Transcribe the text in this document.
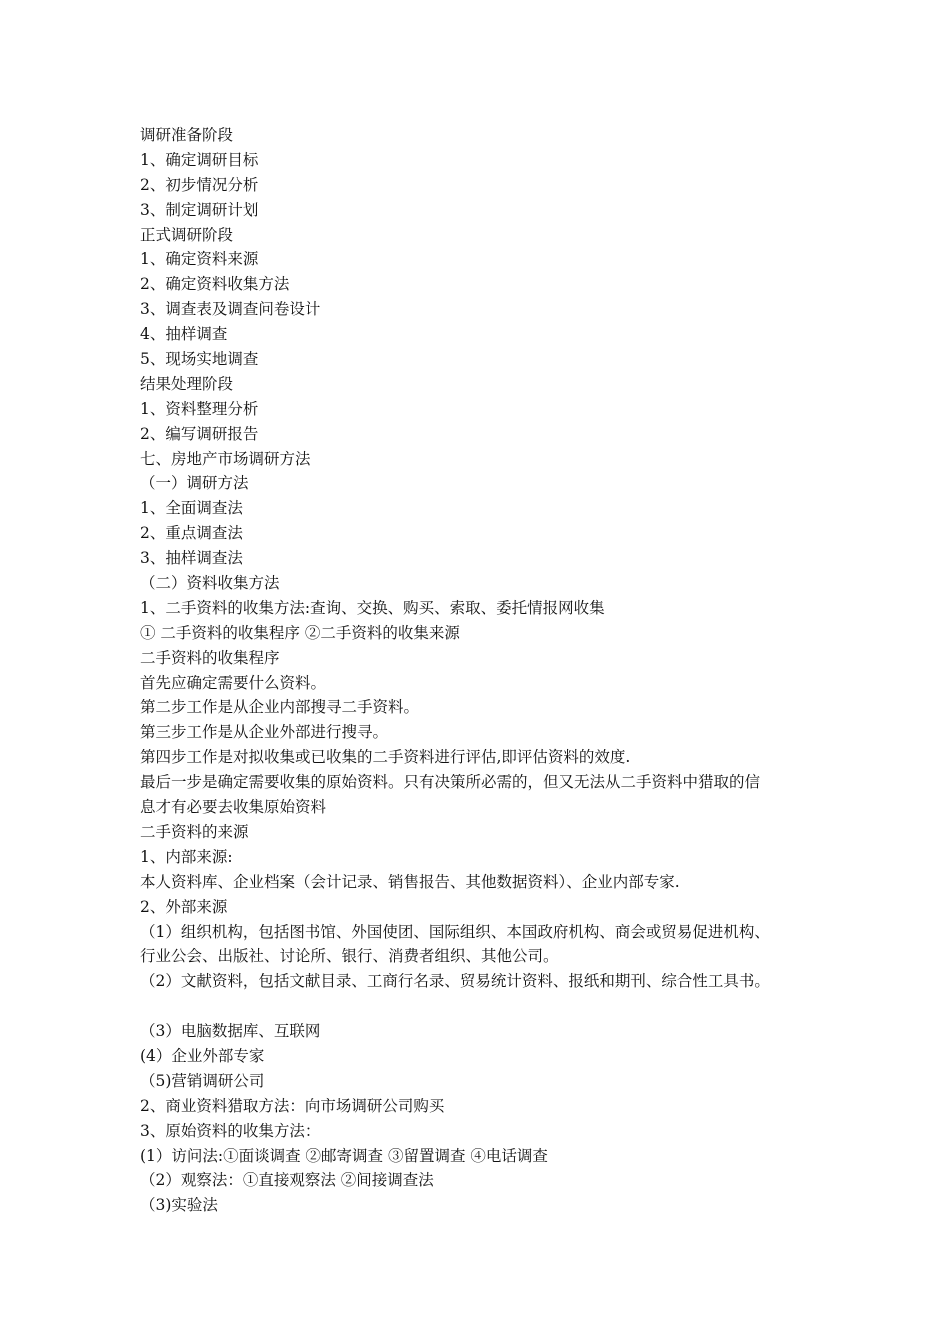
调研准备阶段
1、确定调研目标
2、初步情况分析
3、制定调研计划
正式调研阶段
1、确定资料来源
2、确定资料收集方法
3、调查表及调查问卷设计
4、抽样调查
5、现场实地调查
结果处理阶段
1、资料整理分析
2、编写调研报告
七、房地产市场调研方法
（一）调研方法
1、全面调查法
2、重点调查法
3、抽样调查法
（二）资料收集方法
1、二手资料的收集方法:查询、交换、购买、索取、委托情报网收集
① 二手资料的收集程序 ②二手资料的收集来源
二手资料的收集程序
首先应确定需要什么资料。
第二步工作是从企业内部搜寻二手资料。
第三步工作是从企业外部进行搜寻。
第四步工作是对拟收集或已收集的二手资料进行评估,即评估资料的效度.
最后一步是确定需要收集的原始资料。只有决策所必需的，但又无法从二手资料中猎取的信
息才有必要去收集原始资料
二手资料的来源
1、内部来源:
本人资料库、企业档案（会计记录、销售报告、其他数据资料）、企业内部专家.
2、外部来源
（1）组织机构，包括图书馆、外国使团、国际组织、本国政府机构、商会或贸易促进机构、
行业公会、出版社、讨论所、银行、消费者组织、其他公司。
（2）文献资料，包括文献目录、工商行名录、贸易统计资料、报纸和期刊、综合性工具书。
（3）电脑数据库、互联网
(4）企业外部专家
（5)营销调研公司
2、商业资料猎取方法：向市场调研公司购买
3、原始资料的收集方法：
(1）访问法:①面谈调查 ②邮寄调查 ③留置调查 ④电话调查
（2）观察法：①直接观察法 ②间接调查法
（3)实验法
